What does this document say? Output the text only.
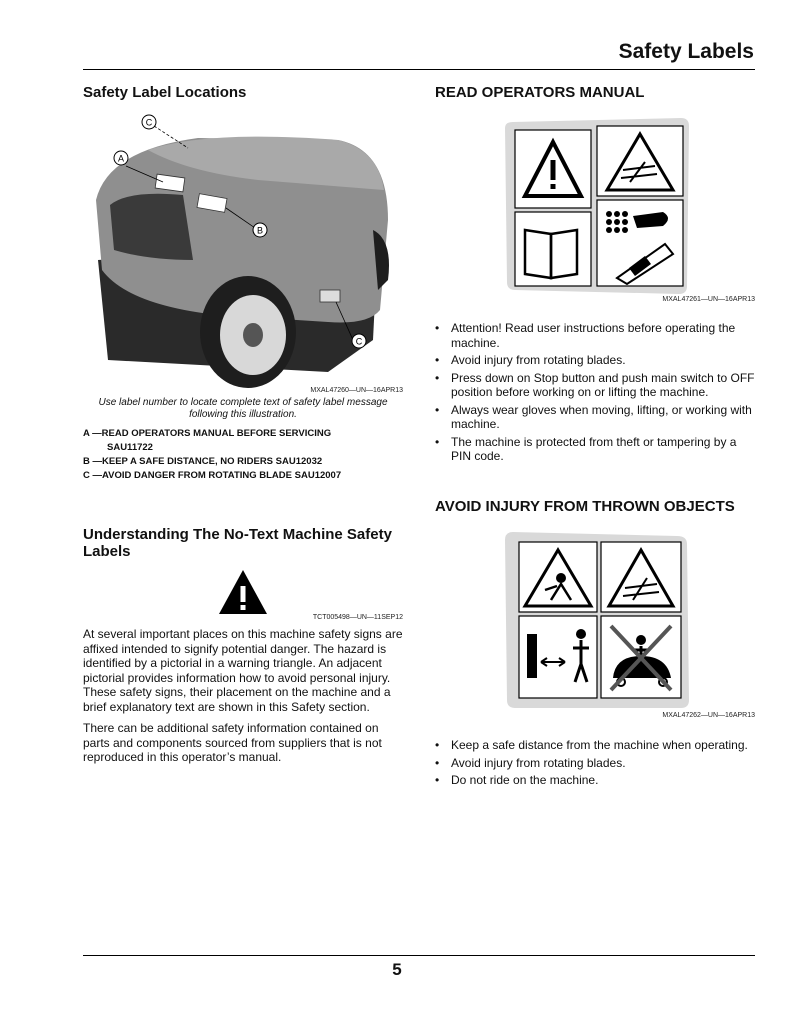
Safety Labels
Safety Label Locations
C
A
B
C
MXAL47260—UN—16APR13
Use label number to locate complete text of safety label message following this illustration.
A —READ OPERATORS MANUAL BEFORE SERVICING
SAU11722
B —KEEP A SAFE DISTANCE, NO RIDERS SAU12032
C —AVOID DANGER FROM ROTATING BLADE SAU12007
Understanding The No-Text Machine Safety Labels
TCT005498—UN—11SEP12

At several important places on this machine safety signs are affixed intended to signify potential danger. The hazard is identified by a pictorial in a warning triangle. An adjacent pictorial provides information how to avoid personal injury. These safety signs, their placement on the machine and a brief explanatory text are shown in this Safety section.

There can be additional safety information contained on parts and components sourced from suppliers that is not reproduced in this operator’s manual.

READ OPERATORS MANUAL
MXAL47261—UN—16APR13
• Attention! Read user instructions before operating the machine.
• Avoid injury from rotating blades.
• Press down on Stop button and push main switch to OFF position before working on or lifting the machine.
• Always wear gloves when moving, lifting, or working with machine.
• The machine is protected from theft or tampering by a PIN code.
AVOID INJURY FROM THROWN OBJECTS
MXAL47262—UN—16APR13
• Keep a safe distance from the machine when operating.
• Avoid injury from rotating blades.
• Do not ride on the machine.
5
